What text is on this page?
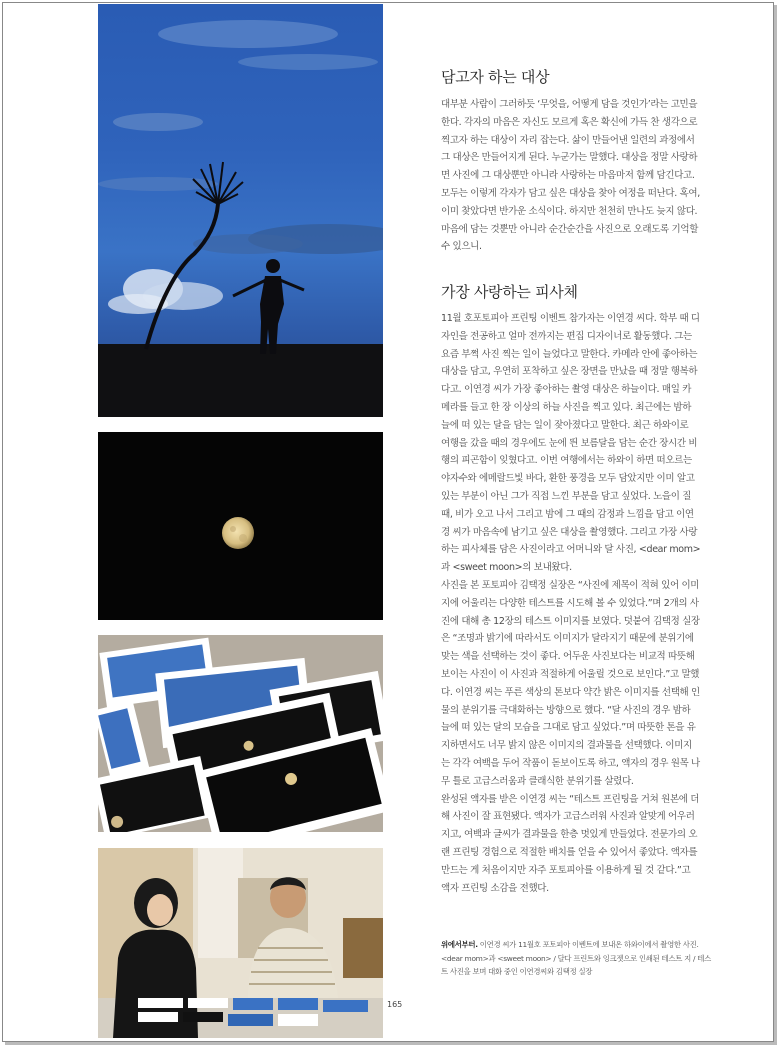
담고자 하는 대상
대부분 사람이 그러하듯 ‘무엇을, 어떻게 담을 것인가’라는 고민을
한다. 각자의 마음은 자신도 모르게 혹은 확신에 가득 찬 생각으로
찍고자 하는 대상이 자리 잡는다. 삶이 만들어낸 일련의 과정에서
그 대상은 만들어지게 된다. 누군가는 말했다. 대상을 정말 사랑하
면 사진에 그 대상뿐만 아니라 사랑하는 마음마저 함께 담긴다고.
모두는 이렇게 각자가 담고 싶은 대상을 찾아 여정을 떠난다. 혹여,
이미 찾았다면 반가운 소식이다. 하지만 천천히 만나도 늦지 않다.
마음에 담는 것뿐만 아니라 순간순간을 사진으로 오래도록 기억할
수 있으니.
가장 사랑하는 피사체
11월 호포토피아 프린팅 이벤트 참가자는 이연경 씨다. 학부 때 디
자인을 전공하고 얼마 전까지는 편집 디자이너로 활동했다. 그는
요즘 부쩍 사진 찍는 일이 늘었다고 말한다. 카메라 안에 좋아하는
대상을 담고, 우연히 포착하고 싶은 장면을 만났을 때 정말 행복하
다고. 이연경 씨가 가장 좋아하는 촬영 대상은 하늘이다. 매일 카
메라를 들고 한 장 이상의 하늘 사진을 찍고 있다. 최근에는 밤하
늘에 떠 있는 달을 담는 일이 잦아졌다고 말한다. 최근 하와이로
여행을 갔을 때의 경우에도 눈에 띈 보름달을 담는 순간 장시간 비
행의 피곤함이 잊혔다고. 이번 여행에서는 하와이 하면 떠오르는
야자수와 에메랄드빛 바다, 환한 풍경을 모두 담았지만 이미 알고
있는 부분이 아닌 그가 직접 느낀 부분을 담고 싶었다. 노을이 질
때, 비가 오고 나서 그리고 밤에 그 때의 감정과 느낌을 담고 이연
경 씨가 마음속에 남기고 싶은 대상을 촬영했다. 그리고 가장 사랑
하는 피사체를 담은 사진이라고 어머니와 달 사진, <dear mom>
과 <sweet moon>의 보내왔다.
사진을 본 포토피아 김택정 실장은 “사진에 제목이 적혀 있어 이미
지에 어울리는 다양한 테스트를 시도해 볼 수 있었다.”며 2개의 사
진에 대해 총 12장의 테스트 이미지를 보였다. 덧붙여 김택정 실장
은 “조명과 밝기에 따라서도 이미지가 달라지기 때문에 분위기에
맞는 색을 선택하는 것이 좋다. 어두운 사진보다는 비교적 따뜻해
보이는 사진이 이 사진과 적절하게 어울릴 것으로 보인다.”고 말했
다. 이연경 씨는 푸른 색상의 톤보다 약간 밝은 이미지를 선택해 인
물의 분위기를 극대화하는 방향으로 했다. “달 사진의 경우 밤하
늘에 떠 있는 달의 모습을 그대로 담고 싶었다.”며 따뜻한 톤을 유
지하면서도 너무 밝지 않은 이미지의 결과물을 선택했다. 이미지
는 각각 여백을 두어 작품이 돋보이도록 하고, 액자의 경우 원목 나
무 틀로 고급스러움과 클래식한 분위기를 살렸다.
완성된 액자를 받은 이연경 씨는 “테스트 프린팅을 거쳐 원본에 더
해 사진이 잘 표현됐다. 액자가 고급스러워 사진과 알맞게 어우러
지고, 여백과 글씨가 결과물을 한층 멋있게 만들었다. 전문가의 오
랜 프린팅 경험으로 적절한 배치를 얻을 수 있어서 좋았다. 액자를
만드는 게 처음이지만 자주 포토피아를 이용하게 될 것 같다.”고
액자 프린팅 소감을 전했다.
위에서부터. 이연경 씨가 11월호 포토피아 이벤트에 보내온 하와이에서 촬영한 사진.
<dear mom>과 <sweet moon> / 달다 프린트와 잉크젯으로 인쇄된 테스트 지 / 테스
트 사진을 보며 대화 중인 이연경씨와 김택정 실장
165
